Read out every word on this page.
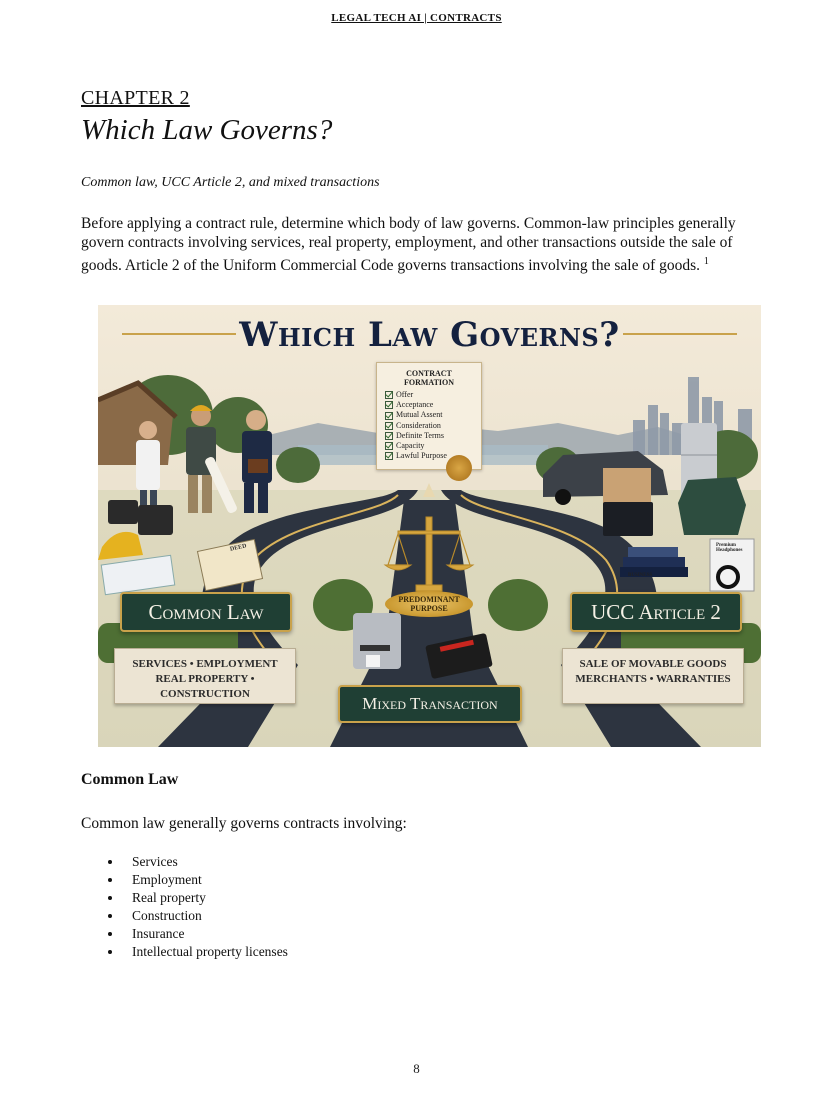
LEGAL TECH AI | CONTRACTS
CHAPTER 2
Which Law Governs?
Common law, UCC Article 2, and mixed transactions

Before applying a contract rule, determine which body of law governs. Common-law principles generally govern contracts involving services, real property, employment, and other transactions outside the sale of goods. Article 2 of the Uniform Commercial Code governs transactions involving the sale of goods. $^1$

Which Law Governs?
CONTRACT FORMATION
Offer
Acceptance
Mutual Assent
Consideration
Definite Terms
Capacity
Lawful Purpose
DEED
BUSINESS
Premium Headphones
PREDOMINANT PURPOSE
Common Law
SERVICES • EMPLOYMENT
REAL PROPERTY • CONSTRUCTION
UCC Article 2
SALE OF MOVABLE GOODS
MERCHANTS • WARRANTIES
Mixed Transaction
Common Law

Common law generally governs contracts involving:

Services
Employment
Real property
Construction
Insurance
Intellectual property licenses
8
